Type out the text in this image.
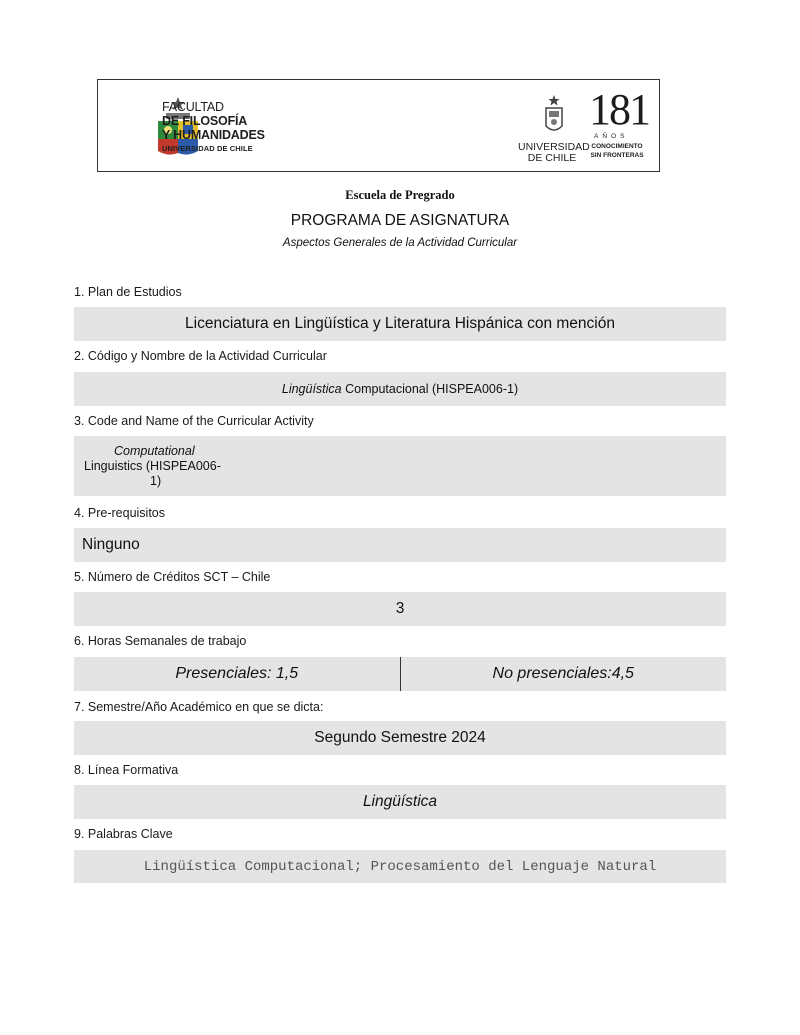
FACULTAD
DE FILOSOFÍA
Y HUMANIDADES
UNIVERSIDAD DE CHILE	UNIVERSIDAD
DE CHILE
181
AÑOS
CONOCIMIENTO
SIN FRONTERAS
Escuela de Pregrado
PROGRAMA DE ASIGNATURA
Aspectos Generales de la Actividad Curricular
1. Plan de Estudios
Licenciatura en Lingüística y Literatura Hispánica con mención
2. Código y Nombre de la Actividad Curricular
Lingüística Computacional (HISPEA006-1)
3. Code and Name of the Curricular Activity
Computational
Linguistics (HISPEA006-
1)
4. Pre-requisitos
Ninguno
5. Número de Créditos SCT – Chile
3
6. Horas Semanales de trabajo
Presenciales: 1,5	No presenciales:4,5
7. Semestre/Año Académico en que se dicta:
Segundo Semestre 2024
8. Línea Formativa
Lingüística
9. Palabras Clave
Lingüística Computacional; Procesamiento del Lenguaje Natural
